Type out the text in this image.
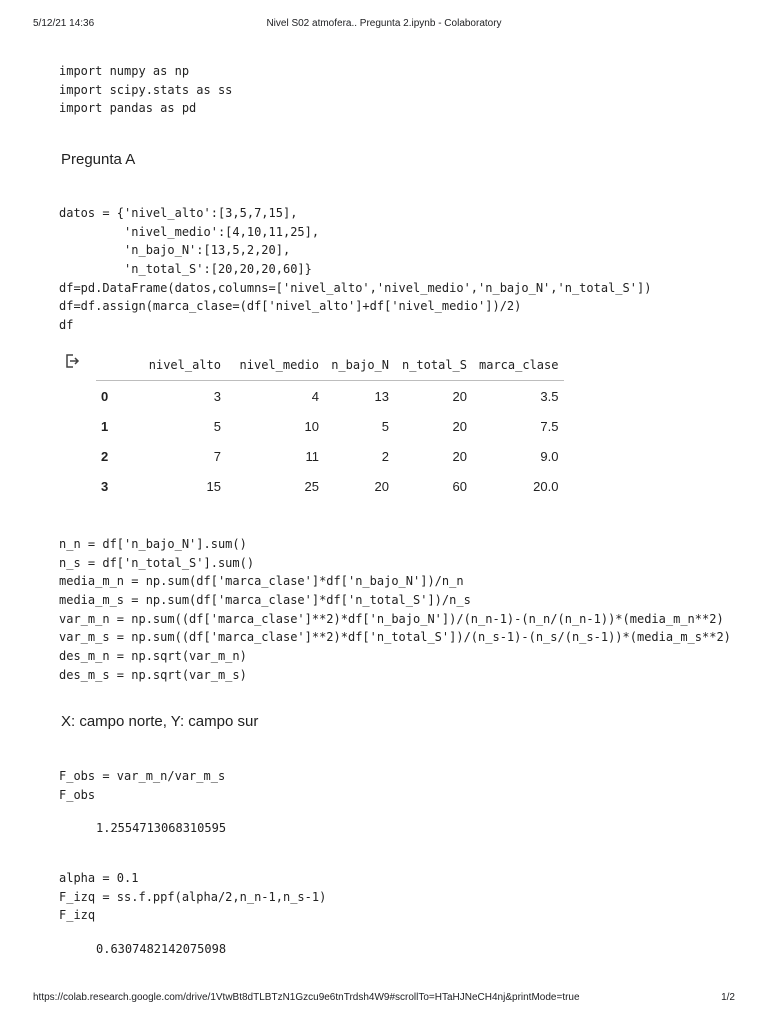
5/12/21 14:36	Nivel S02 atmofera.. Pregunta 2.ipynb - Colaboratory
import numpy as np
import scipy.stats as ss
import pandas as pd
Pregunta A
datos = {'nivel_alto':[3,5,7,15],
'nivel_medio':[4,10,11,25],
'n_bajo_N':[13,5,2,20],
'n_total_S':[20,20,20,60]}
df=pd.DataFrame(datos,columns=['nivel_alto','nivel_medio','n_bajo_N','n_total_S'])
df=df.assign(marca_clase=(df['nivel_alto']+df['nivel_medio'])/2)
df
	nivel_alto	nivel_medio	n_bajo_N	n_total_S	marca_clase
0	3	4	13	20	3.5
1	5	10	5	20	7.5
2	7	11	2	20	9.0
3	15	25	20	60	20.0
n_n = df['n_bajo_N'].sum()
n_s = df['n_total_S'].sum()
media_m_n = np.sum(df['marca_clase']*df['n_bajo_N'])/n_n
media_m_s = np.sum(df['marca_clase']*df['n_total_S'])/n_s
var_m_n = np.sum((df['marca_clase']**2)*df['n_bajo_N'])/(n_n-1)-(n_n/(n_n-1))*(media_m_n**2)
var_m_s = np.sum((df['marca_clase']**2)*df['n_total_S'])/(n_s-1)-(n_s/(n_s-1))*(media_m_s**2)
des_m_n = np.sqrt(var_m_n)
des_m_s = np.sqrt(var_m_s)
X: campo norte, Y: campo sur
F_obs = var_m_n/var_m_s
F_obs
1.2554713068310595
alpha = 0.1
F_izq = ss.f.ppf(alpha/2,n_n-1,n_s-1)
F_izq
0.6307482142075098
https://colab.research.google.com/drive/1VtwBt8dTLBTzN1Gzcu9e6tnTrdsh4W9#scrollTo=HTaHJNeCH4nj&printMode=true	1/2
